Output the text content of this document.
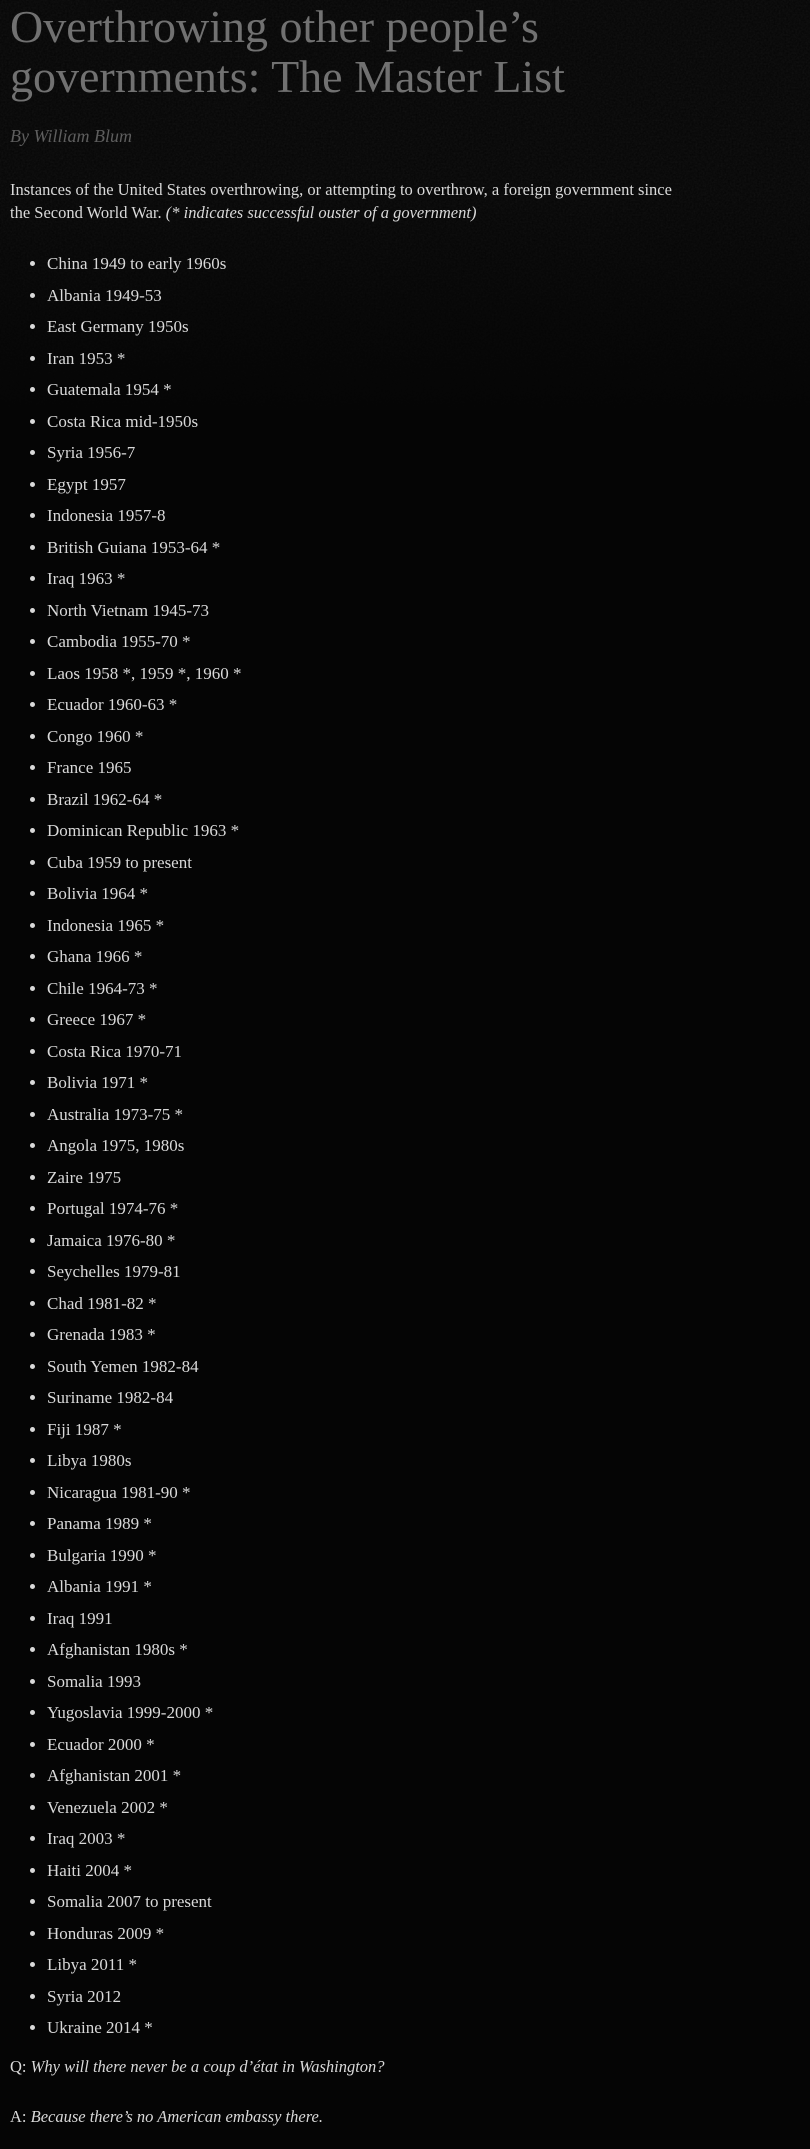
Overthrowing other people’s
governments: The Master List

By William Blum

Instances of the United States overthrowing, or attempting to overthrow, a foreign government since
the Second World War. (* indicates successful ouster of a government)

• China 1949 to early 1960s
• Albania 1949-53
• East Germany 1950s
• Iran 1953 *
• Guatemala 1954 *
• Costa Rica mid-1950s
• Syria 1956-7
• Egypt 1957
• Indonesia 1957-8
• British Guiana 1953-64 *
• Iraq 1963 *
• North Vietnam 1945-73
• Cambodia 1955-70 *
• Laos 1958 *, 1959 *, 1960 *
• Ecuador 1960-63 *
• Congo 1960 *
• France 1965
• Brazil 1962-64 *
• Dominican Republic 1963 *
• Cuba 1959 to present
• Bolivia 1964 *
• Indonesia 1965 *
• Ghana 1966 *
• Chile 1964-73 *
• Greece 1967 *
• Costa Rica 1970-71
• Bolivia 1971 *
• Australia 1973-75 *
• Angola 1975, 1980s
• Zaire 1975
• Portugal 1974-76 *
• Jamaica 1976-80 *
• Seychelles 1979-81
• Chad 1981-82 *
• Grenada 1983 *
• South Yemen 1982-84
• Suriname 1982-84
• Fiji 1987 *
• Libya 1980s
• Nicaragua 1981-90 *
• Panama 1989 *
• Bulgaria 1990 *
• Albania 1991 *
• Iraq 1991
• Afghanistan 1980s *
• Somalia 1993
• Yugoslavia 1999-2000 *
• Ecuador 2000 *
• Afghanistan 2001 *
• Venezuela 2002 *
• Iraq 2003 *
• Haiti 2004 *
• Somalia 2007 to present
• Honduras 2009 *
• Libya 2011 *
• Syria 2012
• Ukraine 2014 *

Q: Why will there never be a coup d’état in Washington?

A: Because there’s no American embassy there.
